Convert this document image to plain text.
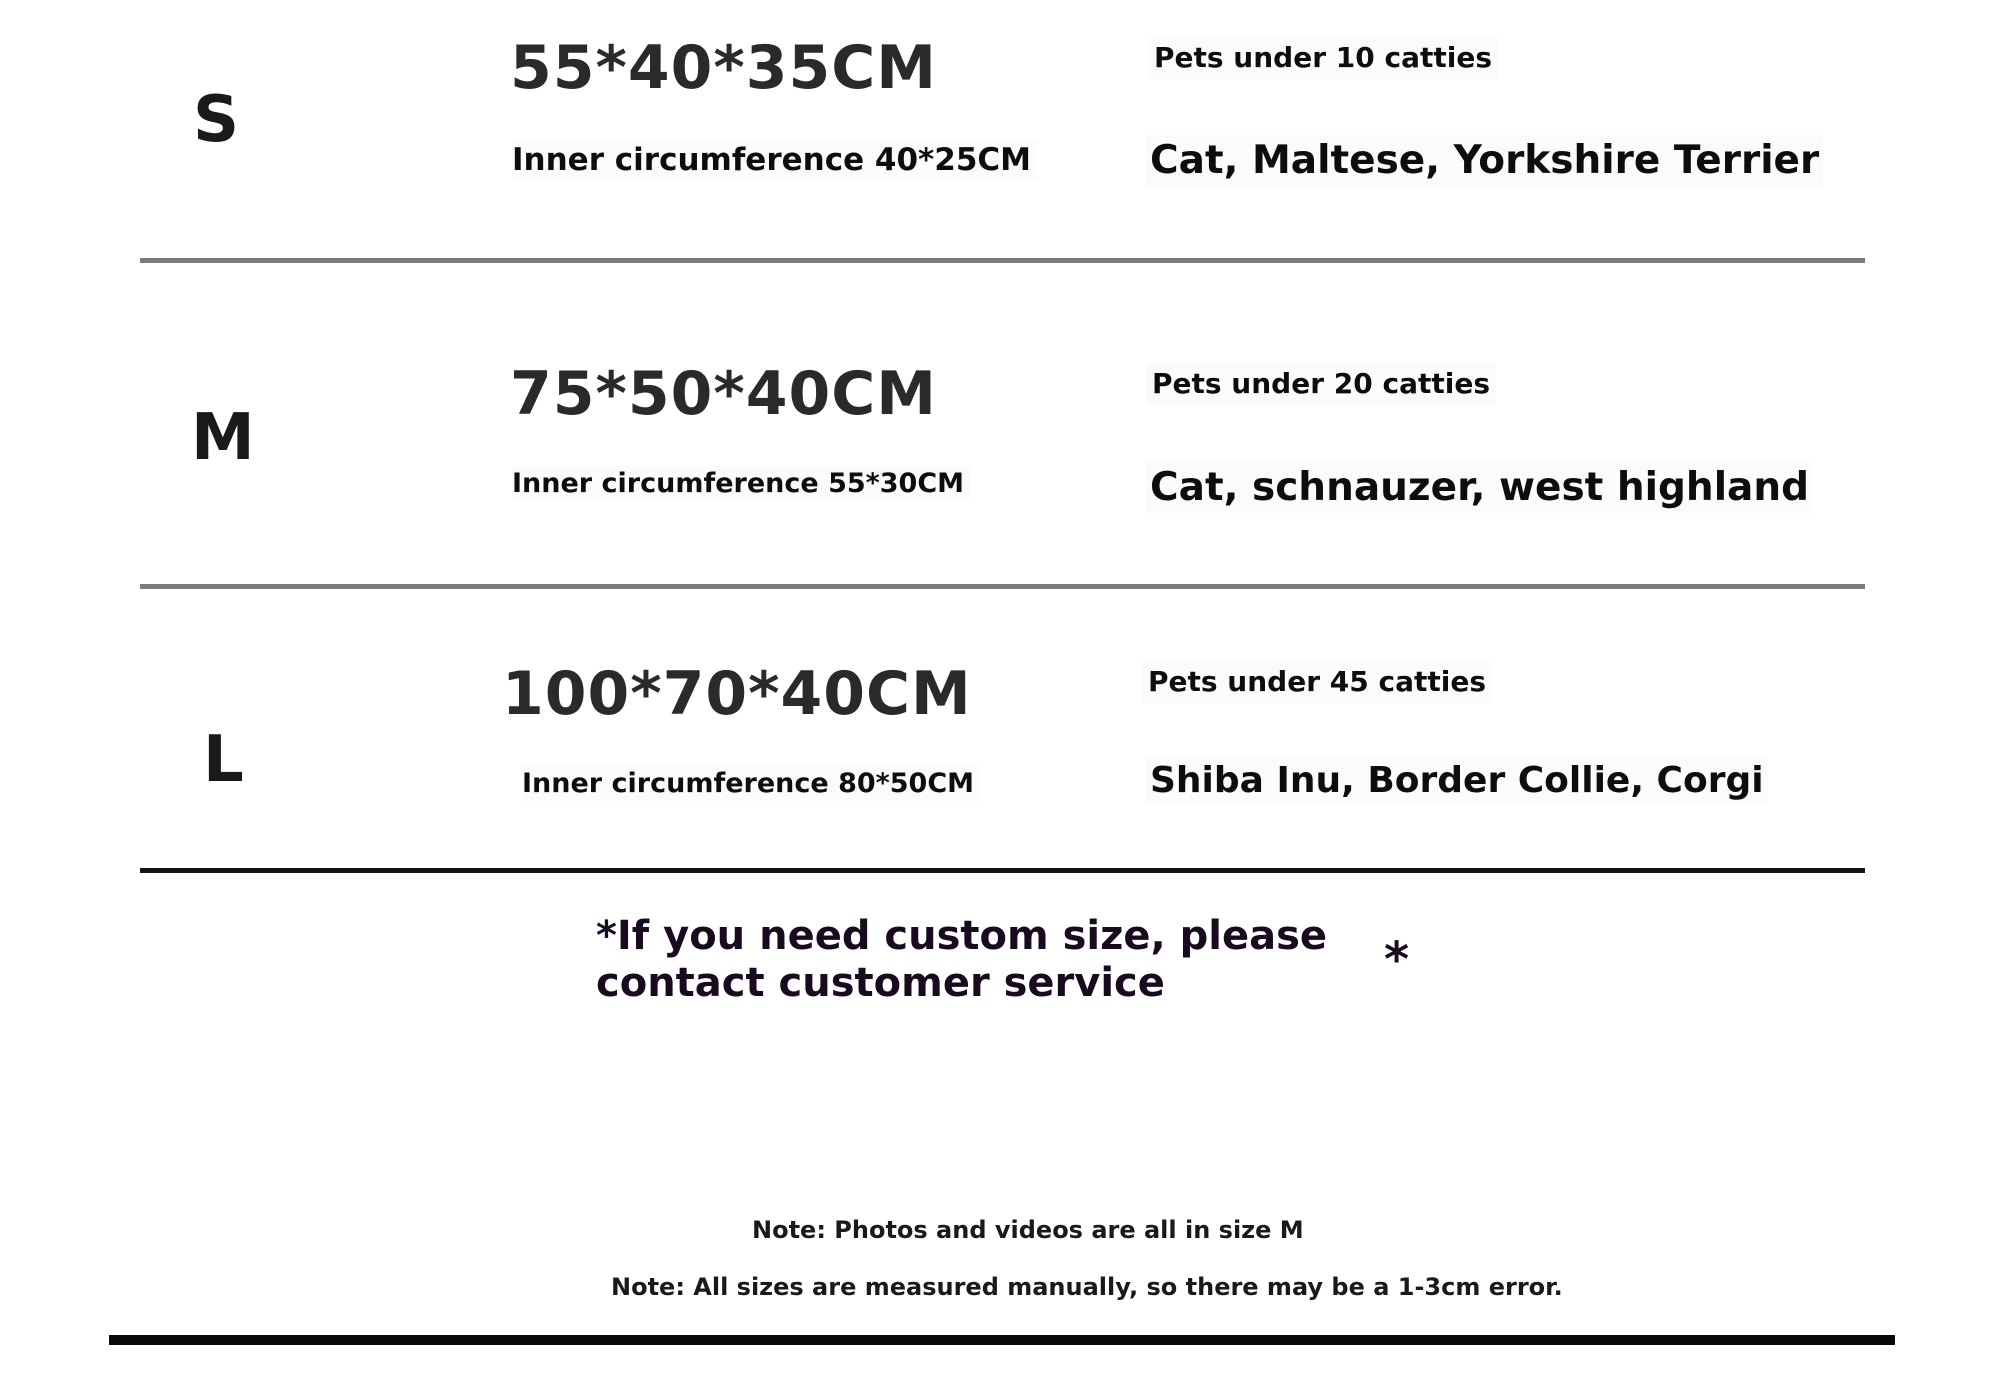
S
55*40*35CM
Inner circumference 40*25CM
Pets under 10 catties
Cat, Maltese, Yorkshire Terrier
M
75*50*40CM
Inner circumference 55*30CM
Pets under 20 catties
Cat, schnauzer, west highland
L
100*70*40CM
Inner circumference 80*50CM
Pets under 45 catties
Shiba Inu, Border Collie, Corgi
*If you need custom size, please
contact customer service	*
Note: Photos and videos are all in size M
Note: All sizes are measured manually, so there may be a 1-3cm error.
